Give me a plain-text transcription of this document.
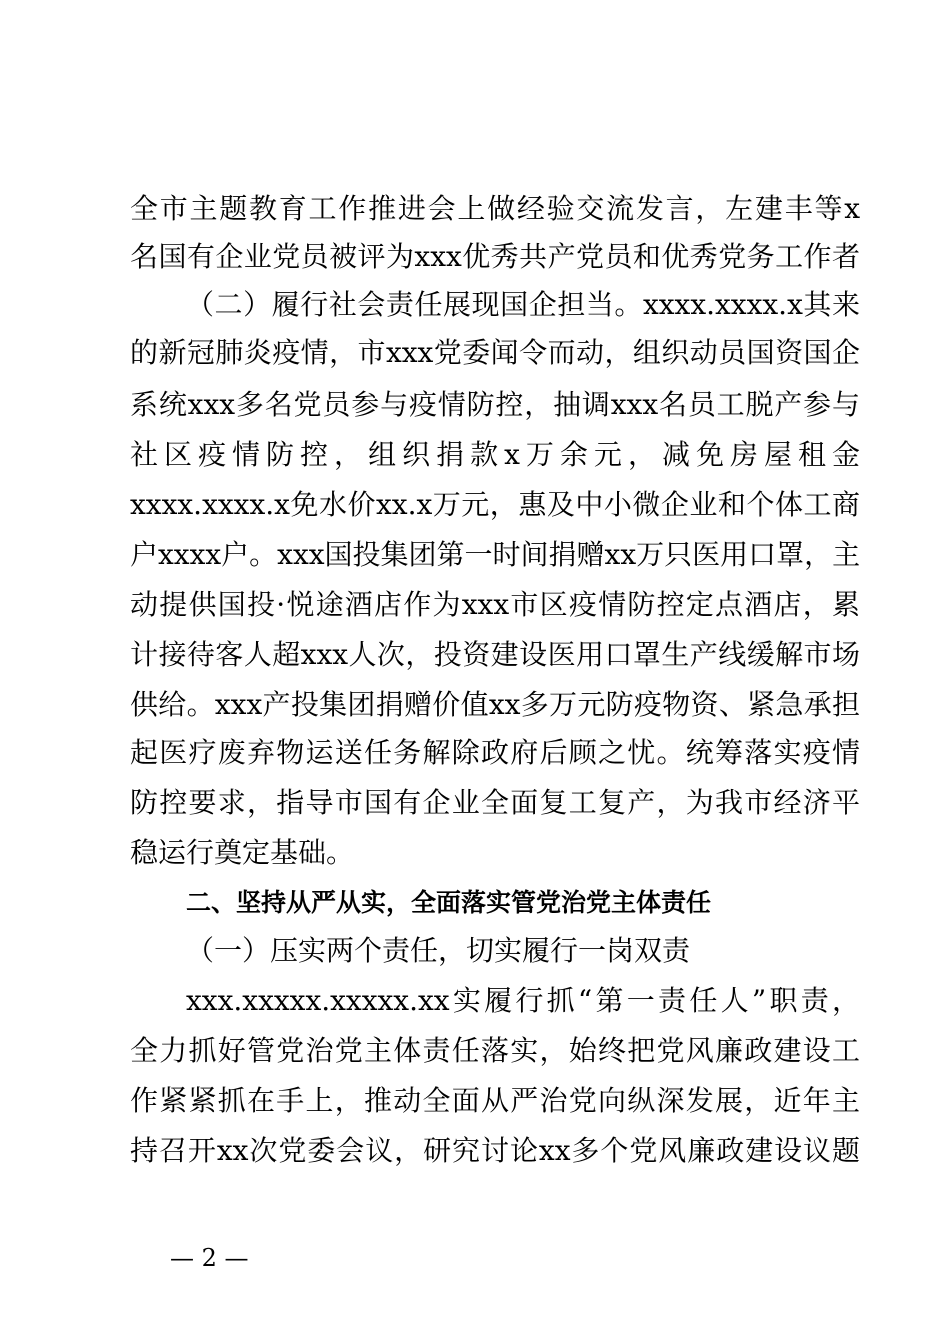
全市主题教育工作推进会上做经验交流发言，左建丰等x
名国有企业党员被评为xxx优秀共产党员和优秀党务工作者
（二）履行社会责任展现国企担当。xxxx.xxxx.x其来
的新冠肺炎疫情，市xxx党委闻令而动，组织动员国资国企
系统xxx多名党员参与疫情防控，抽调xxx名员工脱产参与
社区疫情防控，组织捐款x万余元，减免房屋租金
xxxx.xxxx.x免水价xx.x万元，惠及中小微企业和个体工商
户xxxx户。xxx国投集团第一时间捐赠xx万只医用口罩，主
动提供国投·悦途酒店作为xxx市区疫情防控定点酒店，累
计接待客人超xxx人次，投资建设医用口罩生产线缓解市场
供给。xxx产投集团捐赠价值xx多万元防疫物资、紧急承担
起医疗废弃物运送任务解除政府后顾之忧。统筹落实疫情
防控要求，指导市国有企业全面复工复产，为我市经济平
稳运行奠定基础。
二、坚持从严从实，全面落实管党治党主体责任
（一）压实两个责任，切实履行一岗双责
xxx.xxxxx.xxxxx.xx实履行抓“第一责任人”职责，
全力抓好管党治党主体责任落实，始终把党风廉政建设工
作紧紧抓在手上，推动全面从严治党向纵深发展，近年主
持召开xx次党委会议，研究讨论xx多个党风廉政建设议题
— 2 —
